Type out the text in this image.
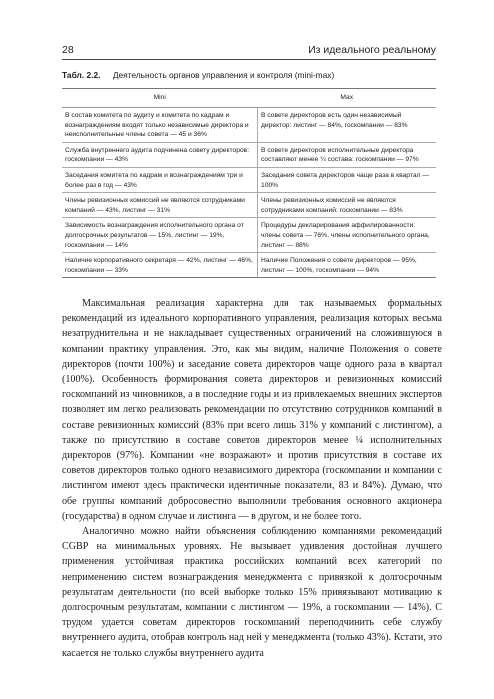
28	Из идеального реальному
Табл. 2.2. Деятельность органов управления и контроля (mini-max)
Mini	Max
В состав комитета по аудиту и комитета по кадрам и вознаграждениям входят только независимые директора и неисполнительные члены совета — 45 и 36%	В совете директоров есть один независимый директор: листинг — 84%, госкомпании — 83%
Служба внутреннего аудита подчинена совету директоров: госкомпании — 43%	В совете директоров исполнительные директора составляют менее ¼ состава: госкомпании — 97%
Заседания комитета по кадрам и вознаграждениям три и более раз в год — 43%	Заседания совета директоров чаще раза в квартал — 100%
Члены ревизионных комиссий не являются сотрудниками компаний — 43%, листинг — 31%	Члены ревизионных комиссий не являются сотрудниками компаний: госкомпании — 83%
Зависимость вознаграждения исполнительного органа от долгосрочных результатов — 15%, листинг — 19%, госкомпании — 14%	Процедуры декларирования аффилированности: члены совета — 76%, члены исполнительного органа, листинг — 88%
Наличие корпоративного секретаря — 42%, листинг — 46%, госкомпании — 33%	Наличие Положения о совете директоров — 95%, листинг — 100%, госкомпании — 94%

Максимальная реализация характерна для так называемых формальных рекомендаций из идеального корпоративного управления, реализация которых весьма незатруднительна и не накладывает существенных ограничений на сложившуюся в компании практику управления. Это, как мы видим, наличие Положения о совете директоров (почти 100%) и заседание совета директоров чаще одного раза в квартал (100%). Особенность формирования совета директоров и ревизионных комиссий госкомпаний из чиновников, а в последние годы и из привлекаемых внешних экспертов позволяет им легко реализовать рекомендации по отсутствию сотрудников компаний в составе ревизионных комиссий (83% при всего лишь 31% у компаний с листингом), а также по присутствию в составе советов директоров менее ¼ исполнительных директоров (97%). Компании «не возражают» и против присутствия в составе их советов директоров только одного независимого директора (госкомпании и компании с листингом имеют здесь практически идентичные показатели, 83 и 84%). Думаю, что обе группы компаний добросовестно выполнили требования основного акционера (государства) в одном случае и листинга — в другом, и не более того.

Аналогично можно найти объяснения соблюдению компаниями рекомендаций CGBP на минимальных уровнях. Не вызывает удивления достойная лучшего применения устойчивая практика российских компаний всех категорий по неприменению систем вознаграждения менеджмента с привязкой к долгосрочным результатам деятельности (по всей выборке только 15% привязывают мотивацию к долгосрочным результатам, компании с листингом — 19%, а госкомпании — 14%). С трудом удается советам директоров госкомпаний переподчинить себе службу внутреннего аудита, отобрав контроль над ней у менеджмента (только 43%). Кстати, это касается не только службы внутреннего аудита
